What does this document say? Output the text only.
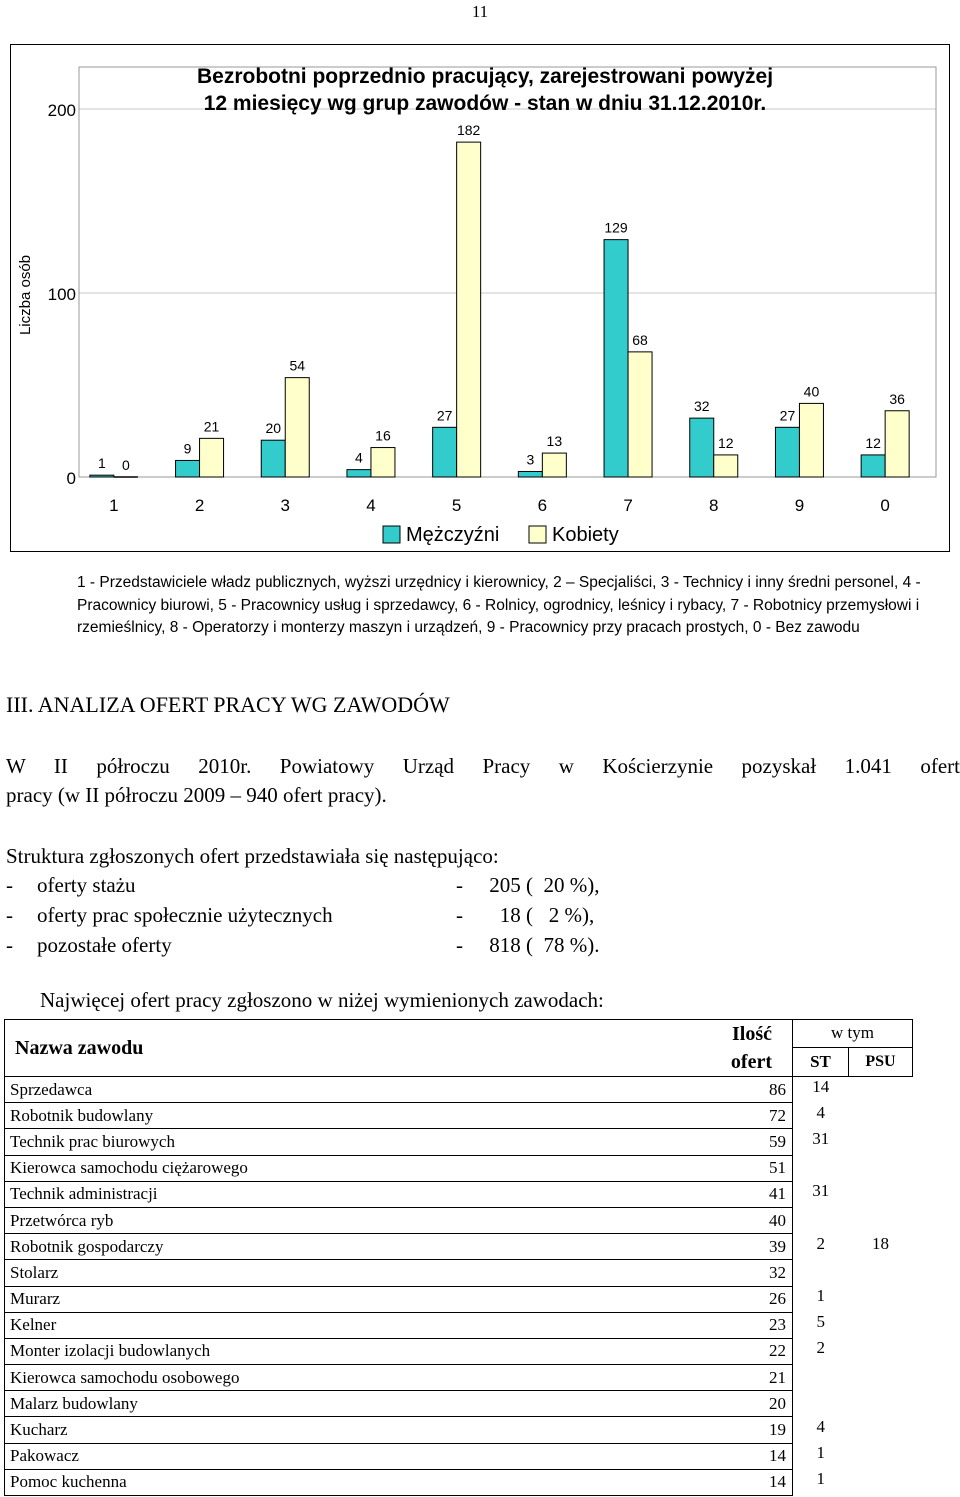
11
0
100
200
Liczba osób
Bezrobotni poprzednio pracujący, zarejestrowani powyżej
12 miesięcy wg grup zawodów - stan w dniu 31.12.2010r.
1 0
1
9
21
2
20
54
3
4
16
4
27
182
5
3
13
6
129
68
7
32
12
8
27
40
9
12
36
0
Mężczyźni	Kobiety
1 - Przedstawiciele władz publicznych, wyższi urzędnicy i kierownicy, 2 – Specjaliści, 3 - Technicy i inny średni personel, 4 - Pracownicy biurowi, 5 - Pracownicy usług i sprzedawcy, 6 - Rolnicy, ogrodnicy, leśnicy i rybacy, 7 - Robotnicy przemysłowi i rzemieślnicy, 8 - Operatorzy i monterzy maszyn i urządzeń, 9 - Pracownicy przy pracach prostych, 0 - Bez zawodu
III. ANALIZA OFERT PRACY WG ZAWODÓW

W II półroczu 2010r. Powiatowy Urząd Pracy w Kościerzynie pozyskał 1.041 ofert

pracy (w II półroczu 2009 – 940 ofert pracy).

Struktura zgłoszonych ofert przedstawiała się następująco:

- oferty stażu	- 205 (  20 %),
- oferty prac społecznie użytecznych	- 18 (   2 %),
- pozostałe oferty	- 818 (  78 %).

Najwięcej ofert pracy zgłoszono w niżej wymienionych zawodach:

Nazwa zawodu	Ilość
ofert	w tym	
		ST	PSU
Sprzedawca	86	14	
Robotnik budowlany	72	4	
Technik prac biurowych	59	31	
Kierowca samochodu ciężarowego	51		
Technik administracji	41	31	
Przetwórca ryb	40		
Robotnik gospodarczy	39	2	18
Stolarz	32		
Murarz	26	1	
Kelner	23	5	
Monter izolacji budowlanych	22	2	
Kierowca samochodu osobowego	21		
Malarz budowlany	20		
Kucharz	19	4	
Pakowacz	14	1	
Pomoc kuchenna	14	1	
